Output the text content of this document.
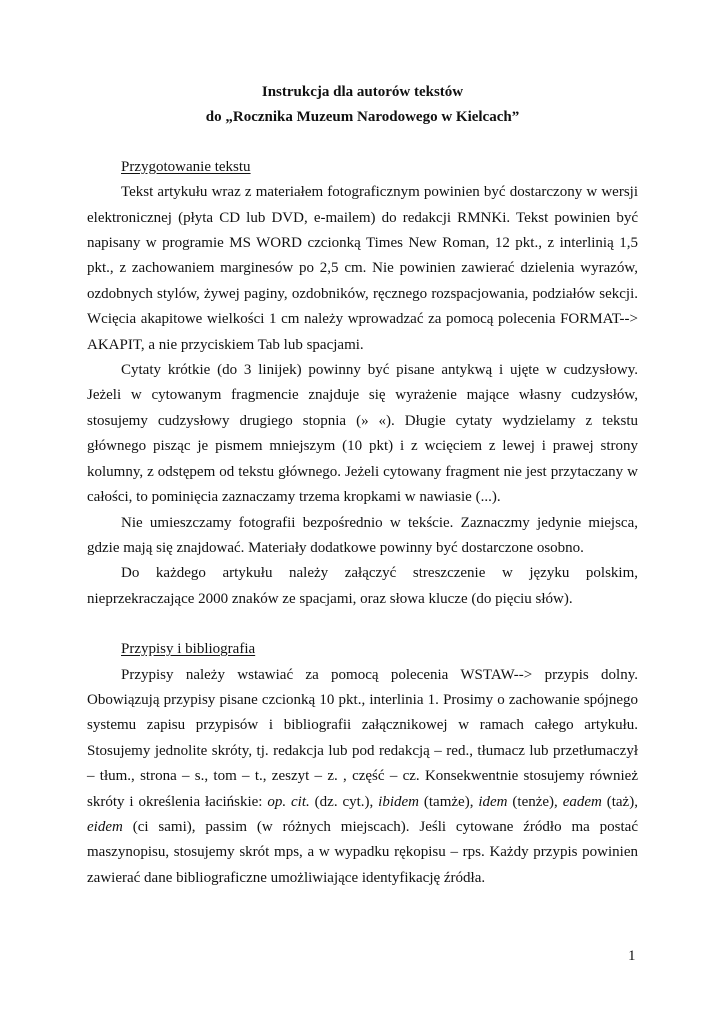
Instrukcja dla autorów tekstów
do „Rocznika Muzeum Narodowego w Kielcach”

Przygotowanie tekstu

Tekst artykułu wraz z materiałem fotograficznym powinien być dostarczony w wersji elektronicznej (płyta CD lub DVD, e-mailem) do redakcji RMNKi. Tekst powinien być napisany w programie MS WORD czcionką Times New Roman, 12 pkt., z interlinią 1,5 pkt., z zachowaniem marginesów po 2,5 cm. Nie powinien zawierać dzielenia wyrazów, ozdobnych stylów, żywej paginy, ozdobników, ręcznego rozspacjowania, podziałów sekcji. Wcięcia akapitowe wielkości 1 cm należy wprowadzać za pomocą polecenia FORMAT--> AKAPIT, a nie przyciskiem Tab lub spacjami.

Cytaty krótkie (do 3 linijek) powinny być pisane antykwą i ujęte w cudzysłowy. Jeżeli w cytowanym fragmencie znajduje się wyrażenie mające własny cudzysłów, stosujemy cudzysłowy drugiego stopnia (» «). Długie cytaty wydzielamy z tekstu głównego pisząc je pismem mniejszym (10 pkt) i z wcięciem z lewej i prawej strony kolumny, z odstępem od tekstu głównego. Jeżeli cytowany fragment nie jest przytaczany w całości, to pominięcia zaznaczamy trzema kropkami w nawiasie (...).

Nie umieszczamy fotografii bezpośrednio w tekście. Zaznaczmy jedynie miejsca, gdzie mają się znajdować. Materiały dodatkowe powinny być dostarczone osobno.

Do każdego artykułu należy załączyć streszczenie w języku polskim, nieprzekraczające 2000 znaków ze spacjami, oraz słowa klucze (do pięciu słów).

Przypisy i bibliografia

Przypisy należy wstawiać za pomocą polecenia WSTAW--> przypis dolny. Obowiązują przypisy pisane czcionką 10 pkt., interlinia 1. Prosimy o zachowanie spójnego systemu zapisu przypisów i bibliografii załącznikowej w ramach całego artykułu. Stosujemy jednolite skróty, tj. redakcja lub pod redakcją – red., tłumacz lub przetłumaczył – tłum., strona – s., tom – t., zeszyt – z. , część – cz. Konsekwentnie stosujemy również skróty i określenia łacińskie: op. cit. (dz. cyt.), ibidem (tamże), idem (tenże), eadem (taż), eidem (ci sami), passim (w różnych miejscach). Jeśli cytowane źródło ma postać maszynopisu, stosujemy skrót mps, a w wypadku rękopisu – rps. Każdy przypis powinien zawierać dane bibliograficzne umożliwiające identyfikację źródła.

1
